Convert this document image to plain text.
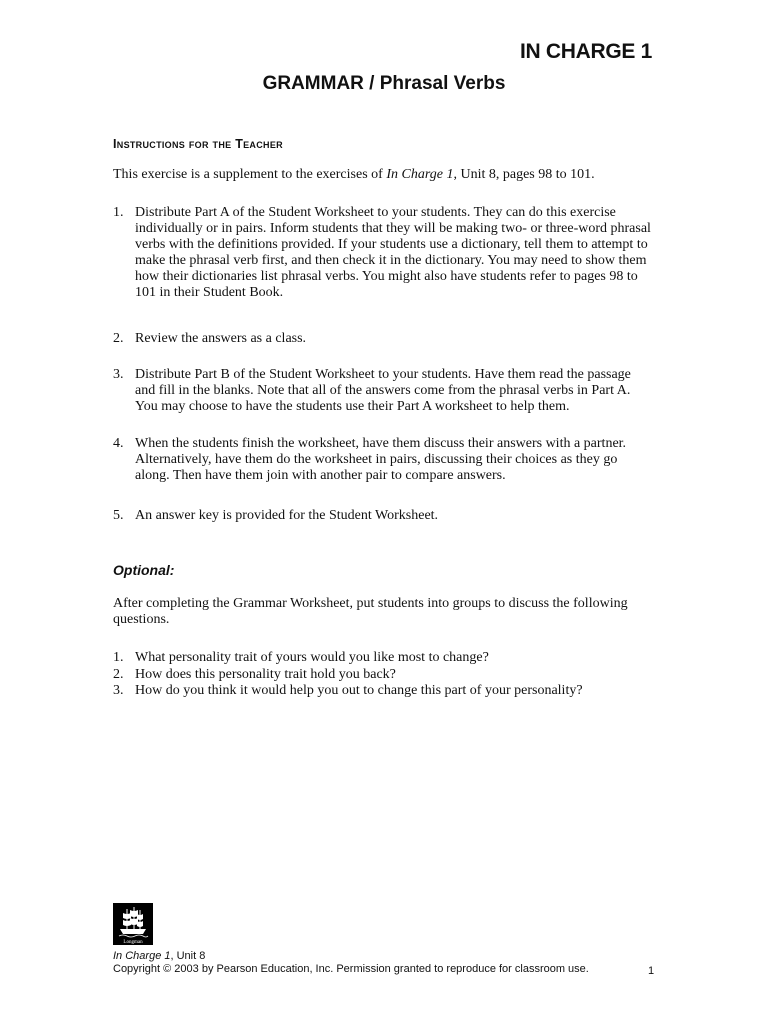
IN CHARGE 1
GRAMMAR / Phrasal Verbs
Instructions for the Teacher
This exercise is a supplement to the exercises of In Charge 1, Unit 8, pages 98 to 101.
1. Distribute Part A of the Student Worksheet to your students. They can do this exercise individually or in pairs. Inform students that they will be making two- or three-word phrasal verbs with the definitions provided. If your students use a dictionary, tell them to attempt to make the phrasal verb first, and then check it in the dictionary. You may need to show them how their dictionaries list phrasal verbs. You might also have students refer to pages 98 to 101 in their Student Book.
2. Review the answers as a class.
3. Distribute Part B of the Student Worksheet to your students. Have them read the passage and fill in the blanks. Note that all of the answers come from the phrasal verbs in Part A. You may choose to have the students use their Part A worksheet to help them.
4. When the students finish the worksheet, have them discuss their answers with a partner. Alternatively, have them do the worksheet in pairs, discussing their choices as they go along. Then have them join with another pair to compare answers.
5. An answer key is provided for the Student Worksheet.
Optional:
After completing the Grammar Worksheet, put students into groups to discuss the following questions.
1. What personality trait of yours would you like most to change?
2. How does this personality trait hold you back?
3. How do you think it would help you out to change this part of your personality?
Longman
In Charge 1, Unit 8
Copyright © 2003 by Pearson Education, Inc. Permission granted to reproduce for classroom use.	1
